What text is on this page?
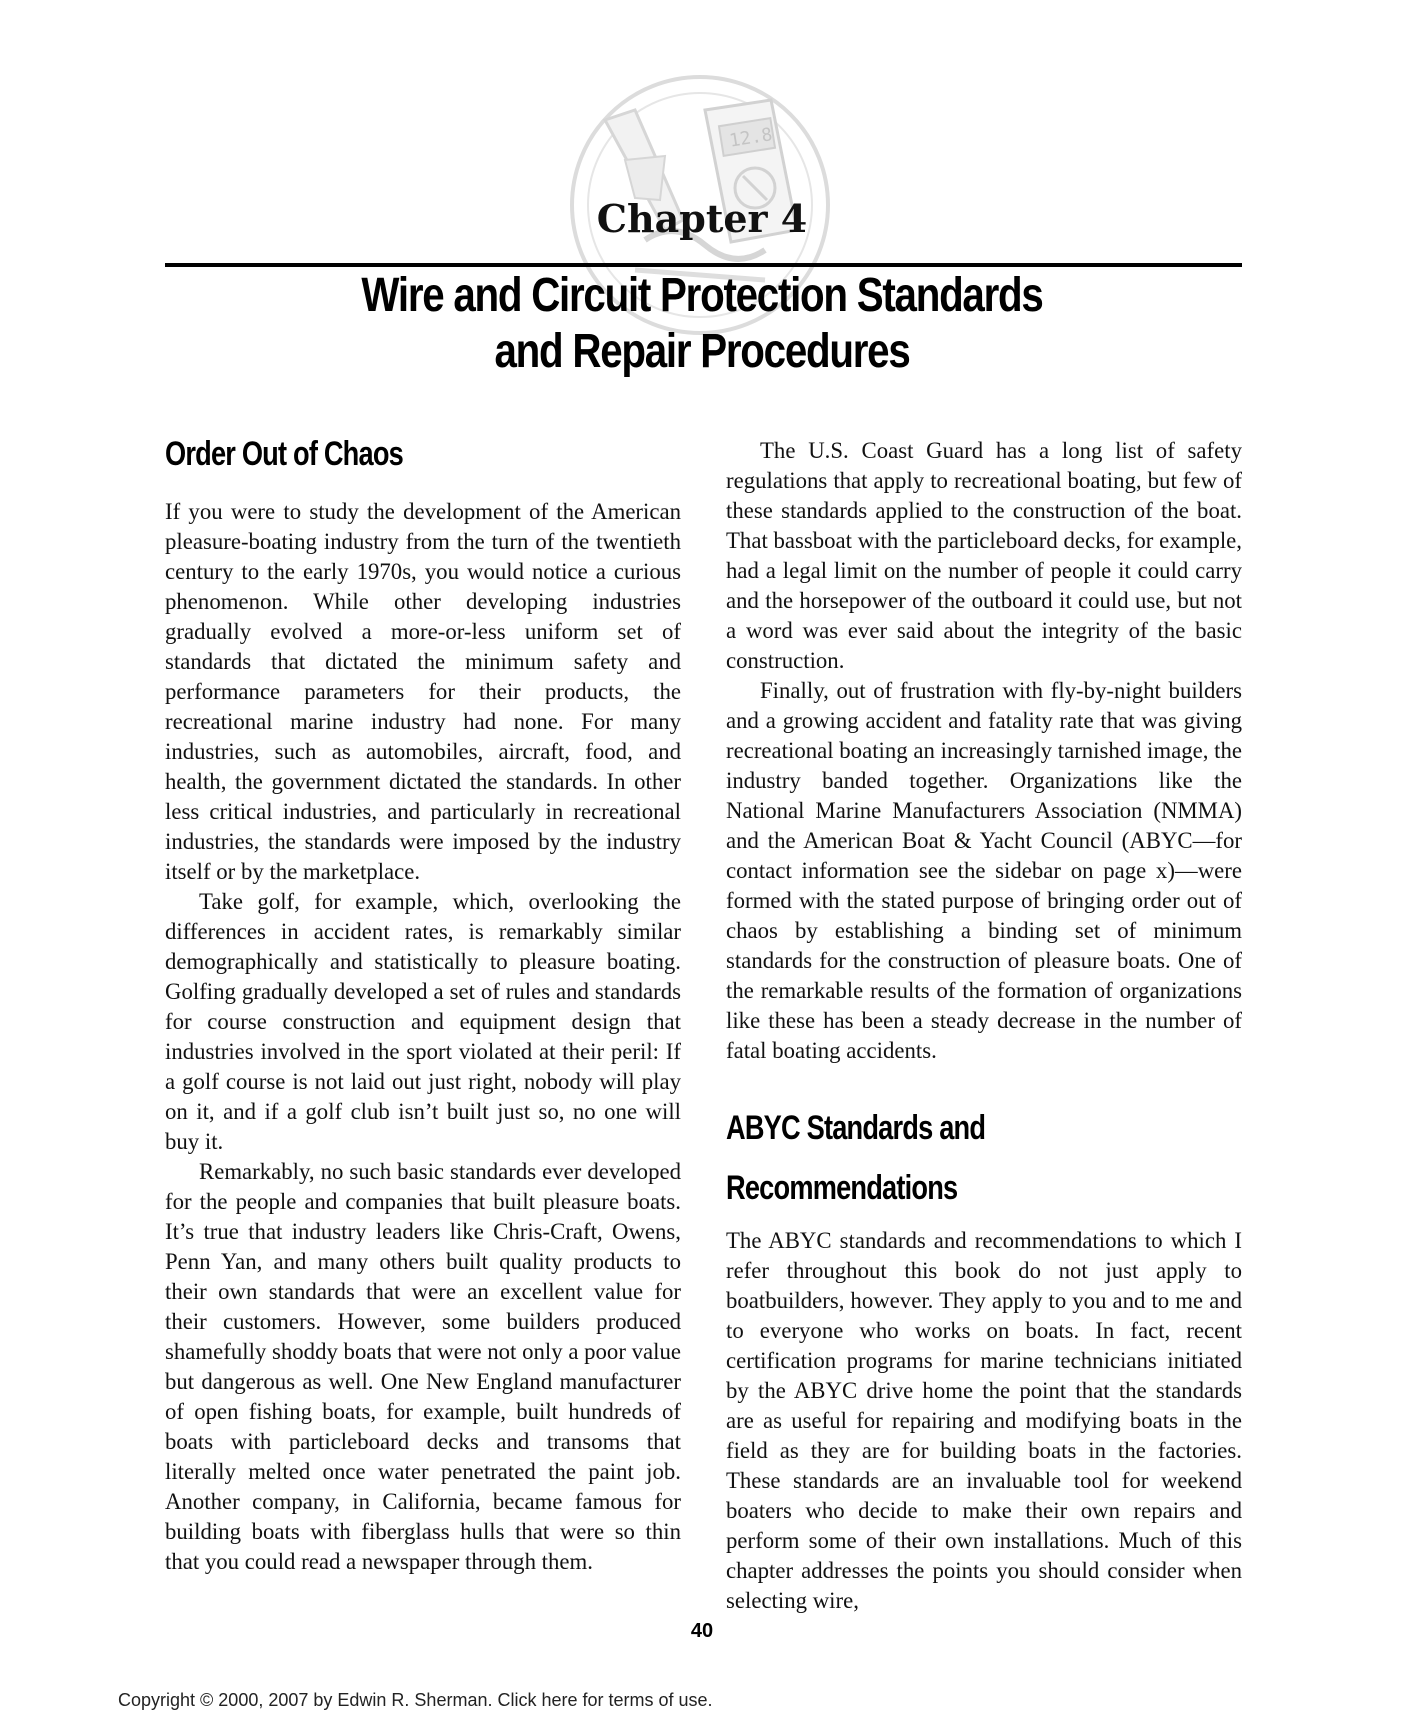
12.8
Chapter 4
Wire and Circuit Protection Standards
and Repair Procedures
Order Out of Chaos

If you were to study the development of the American pleasure-boating industry from the turn of the twentieth century to the early 1970s, you would notice a curious phenomenon. While other developing industries gradually evolved a more-or-less uniform set of standards that dictated the minimum safety and performance parameters for their products, the recreational marine industry had none. For many industries, such as automobiles, aircraft, food, and health, the government dictated the standards. In other less critical industries, and particularly in recreational industries, the standards were imposed by the industry itself or by the marketplace.

Take golf, for example, which, overlooking the differences in accident rates, is remarkably similar demographically and statistically to pleasure boating. Golfing gradually developed a set of rules and standards for course construction and equipment design that industries involved in the sport violated at their peril: If a golf course is not laid out just right, nobody will play on it, and if a golf club isn’t built just so, no one will buy it.

Remarkably, no such basic standards ever developed for the people and companies that built pleasure boats. It’s true that industry leaders like Chris-Craft, Owens, Penn Yan, and many others built quality products to their own standards that were an excellent value for their customers. However, some builders produced shamefully shoddy boats that were not only a poor value but dangerous as well. One New England manufacturer of open fishing boats, for example, built hundreds of boats with particleboard decks and transoms that literally melted once water penetrated the paint job. Another company, in California, became famous for building boats with fiberglass hulls that were so thin that you could read a newspaper through them.

The U.S. Coast Guard has a long list of safety regulations that apply to recreational boating, but few of these standards applied to the construction of the boat. That bassboat with the particleboard decks, for example, had a legal limit on the number of people it could carry and the horsepower of the outboard it could use, but not a word was ever said about the integrity of the basic construction.

Finally, out of frustration with fly-by-night builders and a growing accident and fatality rate that was giving recreational boating an increasingly tarnished image, the industry banded together. Organizations like the National Marine Manufacturers Association (NMMA) and the American Boat & Yacht Council (ABYC—for contact information see the sidebar on page x)—were formed with the stated purpose of bringing order out of chaos by establishing a binding set of minimum standards for the construction of pleasure boats. One of the remarkable results of the formation of organizations like these has been a steady decrease in the number of fatal boating accidents.

ABYC Standards and
Recommendations

The ABYC standards and recommendations to which I refer throughout this book do not just apply to boatbuilders, however. They apply to you and to me and to everyone who works on boats. In fact, recent certification programs for marine technicians initiated by the ABYC drive home the point that the standards are as useful for repairing and modifying boats in the field as they are for building boats in the factories. These standards are an invaluable tool for weekend boaters who decide to make their own repairs and perform some of their own installations. Much of this chapter addresses the points you should consider when selecting wire,

40
Copyright © 2000, 2007 by Edwin R. Sherman. Click here for terms of use.
